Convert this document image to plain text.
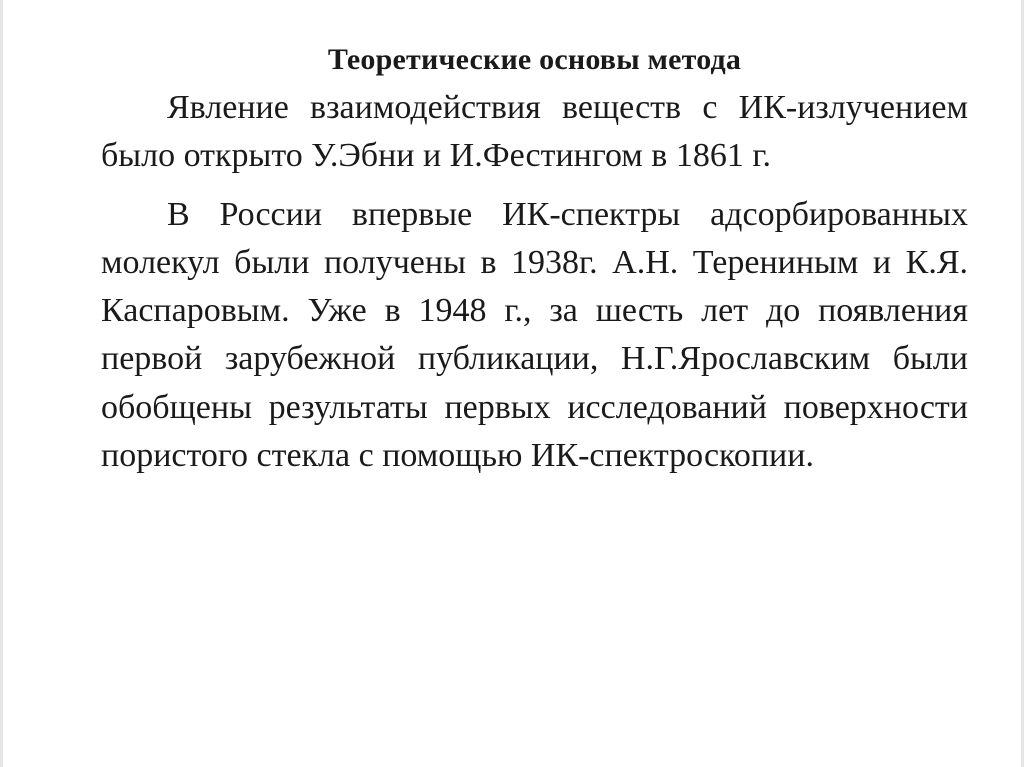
Теоретические основы метода

Явление взаимодействия веществ с ИК-излучением было открыто У.Эбни и И.Фестингом в 1861 г.

В России впервые ИК-спектры адсорбированных молекул были получены в 1938г. А.Н. Терениным и К.Я. Каспаровым. Уже в 1948 г., за шесть лет до появления первой зарубежной публикации, Н.Г.Ярославским были обобщены результаты первых исследований поверхности пористого стекла с помощью ИК-спектроскопии.
